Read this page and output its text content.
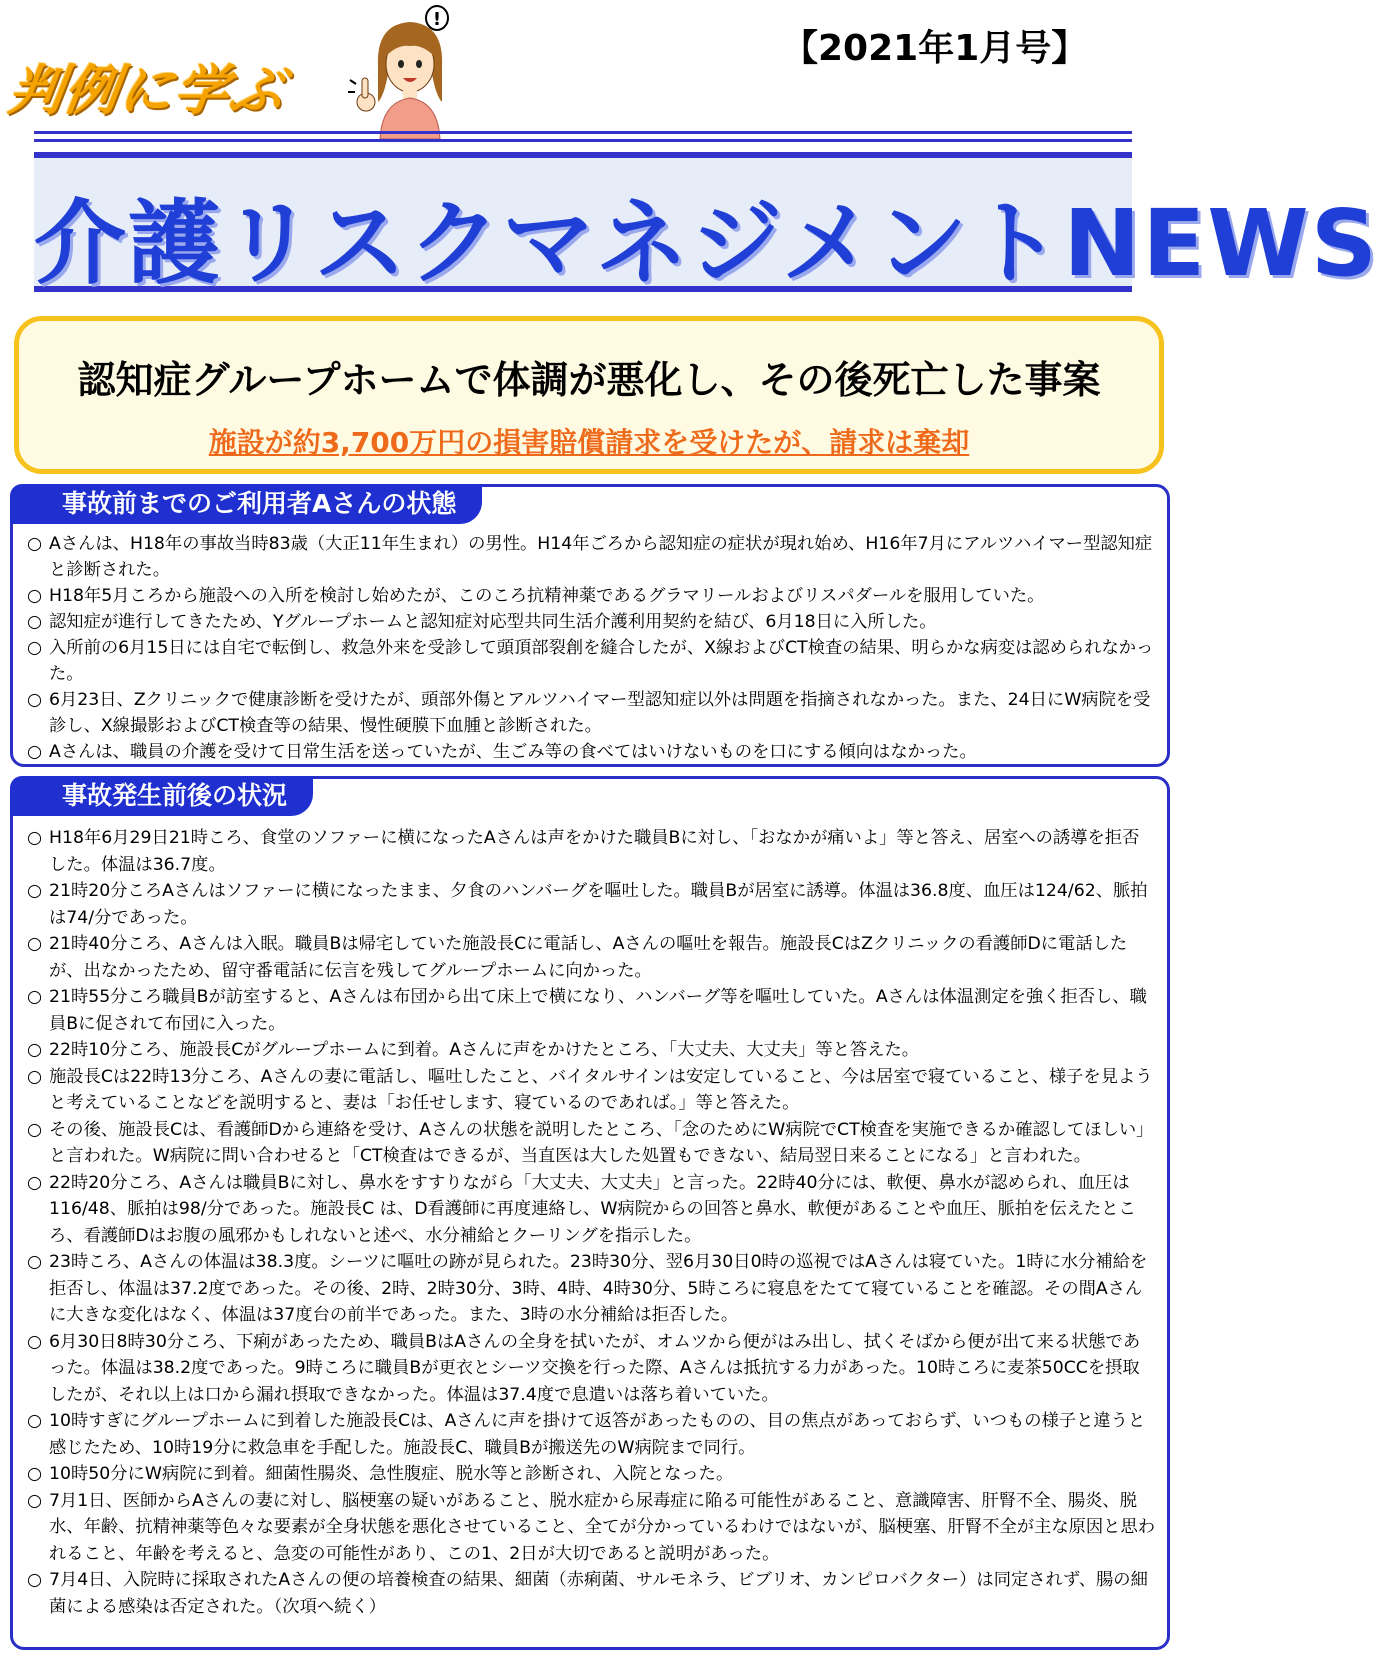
判例に学ぶ
!
【2021年1月号】
介護リスクマネジメントNEWS
認知症グループホームで体調が悪化し、その後死亡した事案
施設が約3,700万円の損害賠償請求を受けたが、請求は棄却
事故前までのご利用者Aさんの状態
○ Aさんは、H18年の事故当時83歳（大正11年生まれ）の男性。H14年ごろから認知症の症状が現れ始め、H16年7月にアルツハイマー型認知症と診断された。
○ H18年5月ころから施設への入所を検討し始めたが、このころ抗精神薬であるグラマリールおよびリスパダールを服用していた。
○ 認知症が進行してきたため、Yグループホームと認知症対応型共同生活介護利用契約を結び、6月18日に入所した。
○ 入所前の6月15日には自宅で転倒し、救急外来を受診して頭頂部裂創を縫合したが、X線およびCT検査の結果、明らかな病変は認められなかった。
○ 6月23日、Zクリニックで健康診断を受けたが、頭部外傷とアルツハイマー型認知症以外は問題を指摘されなかった。また、24日にW病院を受診し、X線撮影およびCT検査等の結果、慢性硬膜下血腫と診断された。
○ Aさんは、職員の介護を受けて日常生活を送っていたが、生ごみ等の食べてはいけないものを口にする傾向はなかった。
事故発生前後の状況
○ H18年6月29日21時ころ、食堂のソファーに横になったAさんは声をかけた職員Bに対し、「おなかが痛いよ」等と答え、居室への誘導を拒否した。体温は36.7度。
○ 21時20分ころAさんはソファーに横になったまま、夕食のハンバーグを嘔吐した。職員Bが居室に誘導。体温は36.8度、血圧は124/62、脈拍は74/分であった。
○ 21時40分ころ、Aさんは入眠。職員Bは帰宅していた施設長Cに電話し、Aさんの嘔吐を報告。施設長CはZクリニックの看護師Dに電話したが、出なかったため、留守番電話に伝言を残してグループホームに向かった。
○ 21時55分ころ職員Bが訪室すると、Aさんは布団から出て床上で横になり、ハンバーグ等を嘔吐していた。Aさんは体温測定を強く拒否し、職員Bに促されて布団に入った。
○ 22時10分ころ、施設長Cがグループホームに到着。Aさんに声をかけたところ、「大丈夫、大丈夫」等と答えた。
○ 施設長Cは22時13分ころ、Aさんの妻に電話し、嘔吐したこと、バイタルサインは安定していること、今は居室で寝ていること、様子を見ようと考えていることなどを説明すると、妻は「お任せします、寝ているのであれば。」等と答えた。
○ その後、施設長Cは、看護師Dから連絡を受け、Aさんの状態を説明したところ、「念のためにW病院でCT検査を実施できるか確認してほしい」と言われた。W病院に問い合わせると「CT検査はできるが、当直医は大した処置もできない、結局翌日来ることになる」と言われた。
○ 22時20分ころ、Aさんは職員Bに対し、鼻水をすすりながら「大丈夫、大丈夫」と言った。22時40分には、軟便、鼻水が認められ、血圧は116/48、脈拍は98/分であった。施設長C は、D看護師に再度連絡し、W病院からの回答と鼻水、軟便があることや血圧、脈拍を伝えたところ、看護師Dはお腹の風邪かもしれないと述べ、水分補給とクーリングを指示した。
○ 23時ころ、Aさんの体温は38.3度。シーツに嘔吐の跡が見られた。23時30分、翌6月30日0時の巡視ではAさんは寝ていた。1時に水分補給を拒否し、体温は37.2度であった。その後、2時、2時30分、3時、4時、4時30分、5時ころに寝息をたてて寝ていることを確認。その間Aさんに大きな変化はなく、体温は37度台の前半であった。また、3時の水分補給は拒否した。
○ 6月30日8時30分ころ、下痢があったため、職員BはAさんの全身を拭いたが、オムツから便がはみ出し、拭くそばから便が出て来る状態であった。体温は38.2度であった。9時ころに職員Bが更衣とシーツ交換を行った際、Aさんは抵抗する力があった。10時ころに麦茶50CCを摂取したが、それ以上は口から漏れ摂取できなかった。体温は37.4度で息遣いは落ち着いていた。
○ 10時すぎにグループホームに到着した施設長Cは、Aさんに声を掛けて返答があったものの、目の焦点があっておらず、いつもの様子と違うと感じたため、10時19分に救急車を手配した。施設長C、職員Bが搬送先のW病院まで同行。
○ 10時50分にW病院に到着。細菌性腸炎、急性腹症、脱水等と診断され、入院となった。
○ 7月1日、医師からAさんの妻に対し、脳梗塞の疑いがあること、脱水症から尿毒症に陥る可能性があること、意識障害、肝腎不全、腸炎、脱水、年齢、抗精神薬等色々な要素が全身状態を悪化させていること、全てが分かっているわけではないが、脳梗塞、肝腎不全が主な原因と思われること、年齢を考えると、急変の可能性があり、この1、2日が大切であると説明があった。
○ 7月4日、入院時に採取されたAさんの便の培養検査の結果、細菌（赤痢菌、サルモネラ、ビブリオ、カンピロバクター）は同定されず、腸の細菌による感染は否定された。（次項へ続く）
